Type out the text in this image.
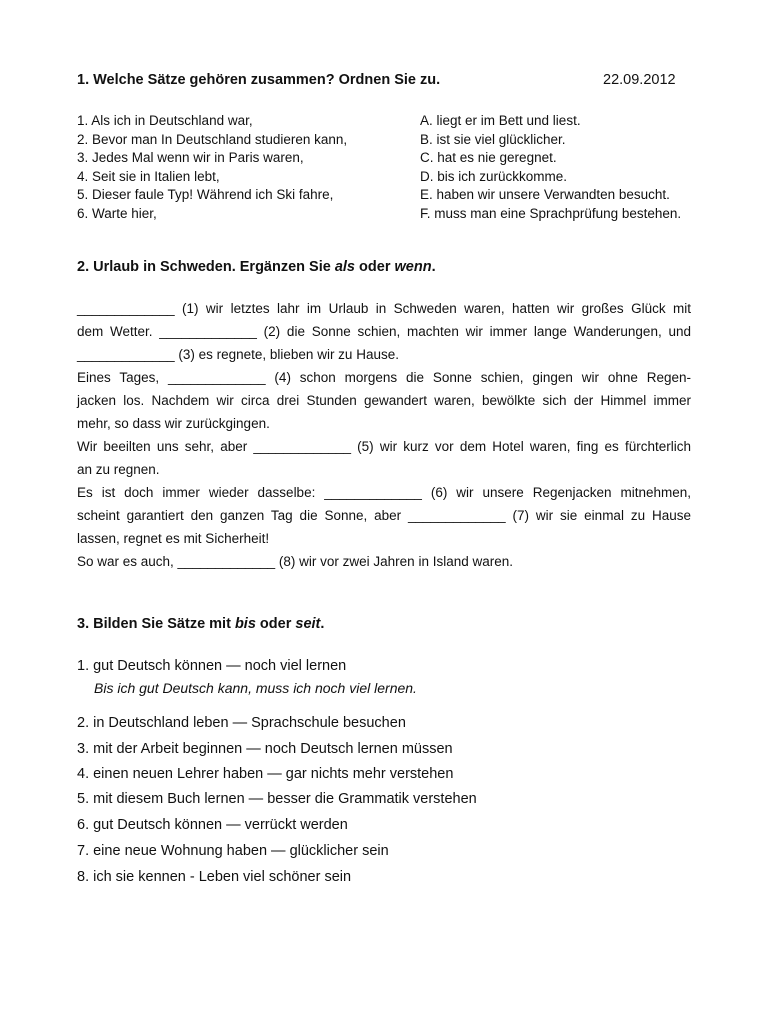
1. Welche Sätze gehören zusammen? Ordnen Sie zu.	22.09.2012
1. Als ich in Deutschland war,
2. Bevor man In Deutschland studieren kann,
3. Jedes Mal wenn wir in Paris waren,
4. Seit sie in Italien lebt,
5. Dieser faule Typ! Während ich Ski fahre,
6. Warte hier,
A. liegt er im Bett und liest.
B. ist sie viel glücklicher.
C. hat es nie geregnet.
D. bis ich zurückkomme.
E. haben wir unsere Verwandten besucht.
F. muss man eine Sprachprüfung bestehen.
2. Urlaub in Schweden. Ergänzen Sie als oder wenn.
_____________ (1) wir letztes lahr im Urlaub in Schweden waren, hatten wir großes Glück mit
dem Wetter. _____________ (2) die Sonne schien, machten wir immer lange Wanderungen, und
_____________ (3) es regnete, blieben wir zu Hause.
Eines Tages, _____________ (4) schon morgens die Sonne schien, gingen wir ohne Regen-
jacken los. Nachdem wir circa drei Stunden gewandert waren, bewölkte sich der Himmel immer
mehr, so dass wir zurückgingen.
Wir beeilten uns sehr, aber _____________ (5) wir kurz vor dem Hotel waren, fing es fürchterlich
an zu regnen.
Es ist doch immer wieder dasselbe: _____________ (6) wir unsere Regenjacken mitnehmen,
scheint garantiert den ganzen Tag die Sonne, aber _____________ (7) wir sie einmal zu Hause
lassen, regnet es mit Sicherheit!
So war es auch, _____________ (8) wir vor zwei Jahren in Island waren.
3. Bilden Sie Sätze mit bis oder seit.
1. gut Deutsch können — noch viel lernen
Bis ich gut Deutsch kann, muss ich noch viel lernen.
2. in Deutschland leben — Sprachschule besuchen
3. mit der Arbeit beginnen — noch Deutsch lernen müssen
4. einen neuen Lehrer haben — gar nichts mehr verstehen
5. mit diesem Buch lernen — besser die Grammatik verstehen
6. gut Deutsch können — verrückt werden
7. eine neue Wohnung haben — glücklicher sein
8. ich sie kennen - Leben viel schöner sein
